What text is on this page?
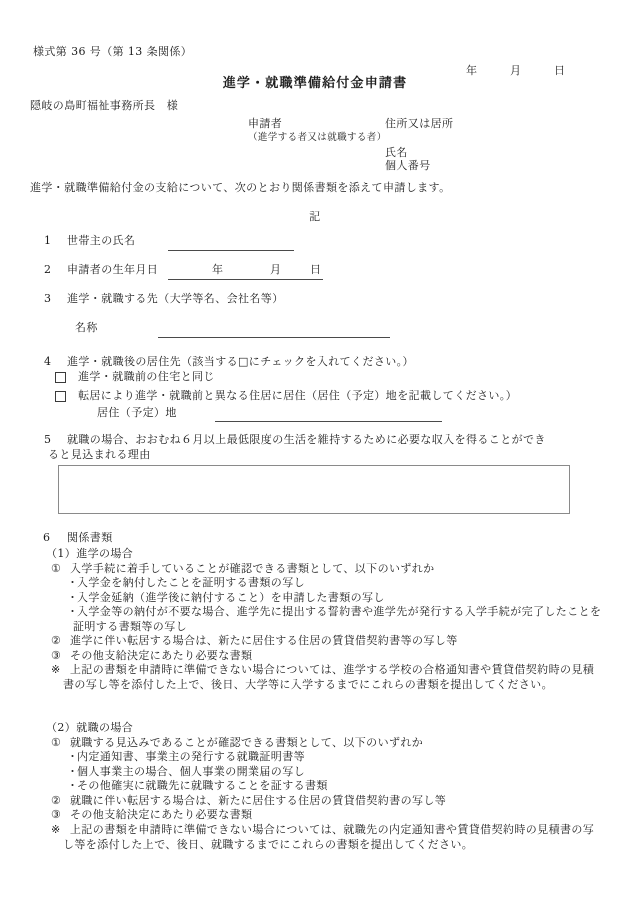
様式第 36 号（第 13 条関係）
年	月	日
進学・就職準備給付金申請書
隠岐の島町福祉事務所長　様
申請者	住所又は居所
（進学する者又は就職する者）
氏名
個人番号
進学・就職準備給付金の支給について、次のとおり関係書類を添えて申請します。
記
1 世帯主の氏名
2 申請者の生年月日	年	月	日
3 進学・就職する先（大学等名、会社名等）
名称
4 進学・就職後の居住先（該当する□にチェックを入れてください。）
進学・就職前の住宅と同じ
転居により進学・就職前と異なる住居に居住（居住（予定）地を記載してください。）
居住（予定）地
5 就職の場合、おおむね６月以上最低限度の生活を維持するために必要な収入を得ることができ
ると見込まれる理由
6 関係書類
（1）進学の場合
① 入学手続に着手していることが確認できる書類として、以下のいずれか
・
入学金を納付したことを証明する書類の写し
・
入学金延納（進学後に納付すること）を申請した書類の写し
・
入学金等の納付が不要な場合、進学先に提出する誓約書や進学先が発行する入学手続が完了したことを
証明する書類等の写し
② 進学に伴い転居する場合は、新たに居住する住居の賃貸借契約書等の写し等
③ その他支給決定にあたり必要な書類
※ 上記の書類を申請時に準備できない場合については、進学する学校の合格通知書や賃貸借契約時の見積
書の写し等を添付した上で、後日、大学等に入学するまでにこれらの書類を提出してください。
（2）就職の場合
① 就職する見込みであることが確認できる書類として、以下のいずれか
・
内定通知書、事業主の発行する就職証明書等
・
個人事業主の場合、個人事業の開業届の写し
・
その他確実に就職先に就職することを証する書類
② 就職に伴い転居する場合は、新たに居住する住居の賃貸借契約書の写し等
③ その他支給決定にあたり必要な書類
※ 上記の書類を申請時に準備できない場合については、就職先の内定通知書や賃貸借契約時の見積書の写
し等を添付した上で、後日、就職するまでにこれらの書類を提出してください。
